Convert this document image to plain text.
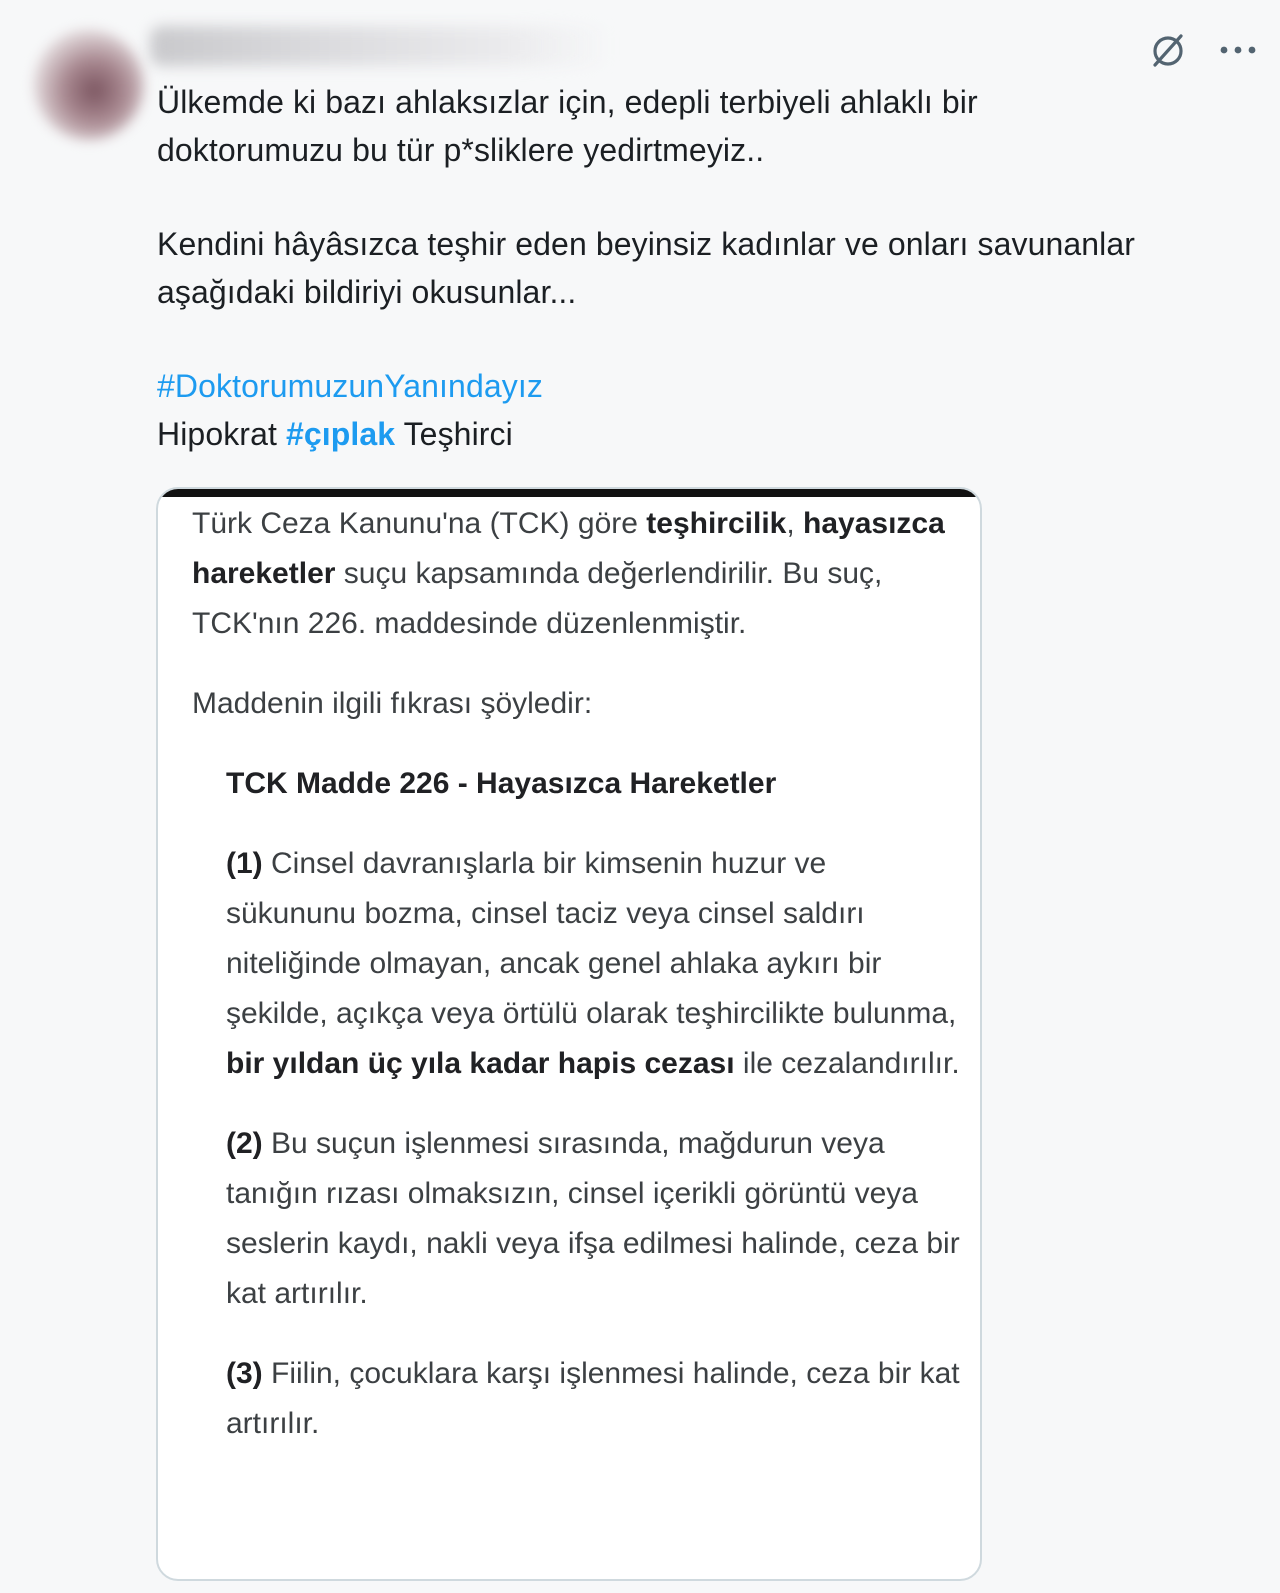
Ülkemde ki bazı ahlaksızlar için, edepli terbiyeli ahlaklı bir doktorumuzu bu tür p*sliklere yedirtmeyiz..

Kendini hâyâsızca teşhir eden beyinsiz kadınlar ve onları savunanlar aşağıdaki bildiriyi okusunlar...

#DoktorumuzunYanındayız

Hipokrat #çıplak Teşhirci

Türk Ceza Kanunu'na (TCK) göre teşhircilik, hayasızca hareketler suçu kapsamında değerlendirilir. Bu suç, TCK'nın 226. maddesinde düzenlenmiştir.

Maddenin ilgili fıkrası şöyledir:

TCK Madde 226 - Hayasızca Hareketler

(1) Cinsel davranışlarla bir kimsenin huzur ve sükununu bozma, cinsel taciz veya cinsel saldırı niteliğinde olmayan, ancak genel ahlaka aykırı bir şekilde, açıkça veya örtülü olarak teşhircilikte bulunma, bir yıldan üç yıla kadar hapis cezası ile cezalandırılır.

(2) Bu suçun işlenmesi sırasında, mağdurun veya tanığın rızası olmaksızın, cinsel içerikli görüntü veya seslerin kaydı, nakli veya ifşa edilmesi halinde, ceza bir kat artırılır.

(3) Fiilin, çocuklara karşı işlenmesi halinde, ceza bir kat artırılır.
